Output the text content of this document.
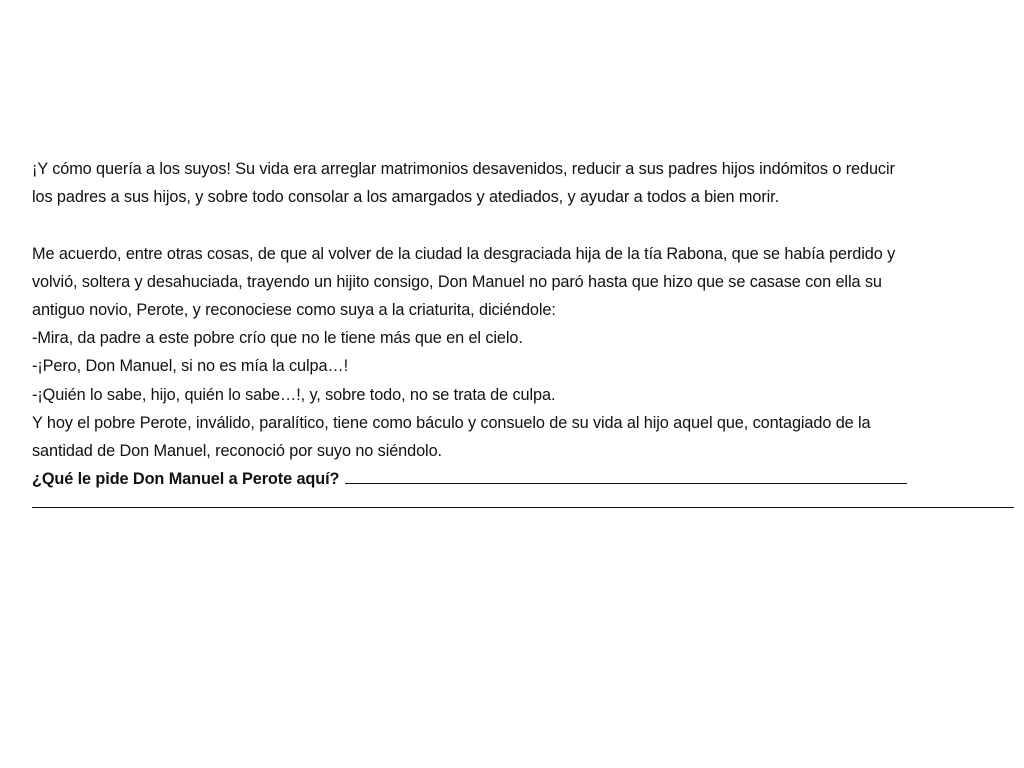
¡Y cómo quería a los suyos! Su vida era arreglar matrimonios desavenidos, reducir a sus padres hijos indómitos o reducir
los padres a sus hijos, y sobre todo consolar a los amargados y atediados, y ayudar a todos a bien morir.
Me acuerdo, entre otras cosas, de que al volver de la ciudad la desgraciada hija de la tía Rabona, que se había perdido y
volvió, soltera y desahuciada, trayendo un hijito consigo, Don Manuel no paró hasta que hizo que se casase con ella su
antiguo novio, Perote, y reconociese como suya a la criaturita, diciéndole:
-Mira, da padre a este pobre crío que no le tiene más que en el cielo.
-¡Pero, Don Manuel, si no es mía la culpa…!
-¡Quién lo sabe, hijo, quién lo sabe…!, y, sobre todo, no se trata de culpa.
Y hoy el pobre Perote, inválido, paralítico, tiene como báculo y consuelo de su vida al hijo aquel que, contagiado de la
santidad de Don Manuel, reconoció por suyo no siéndolo.
¿Qué le pide Don Manuel a Perote aquí?
